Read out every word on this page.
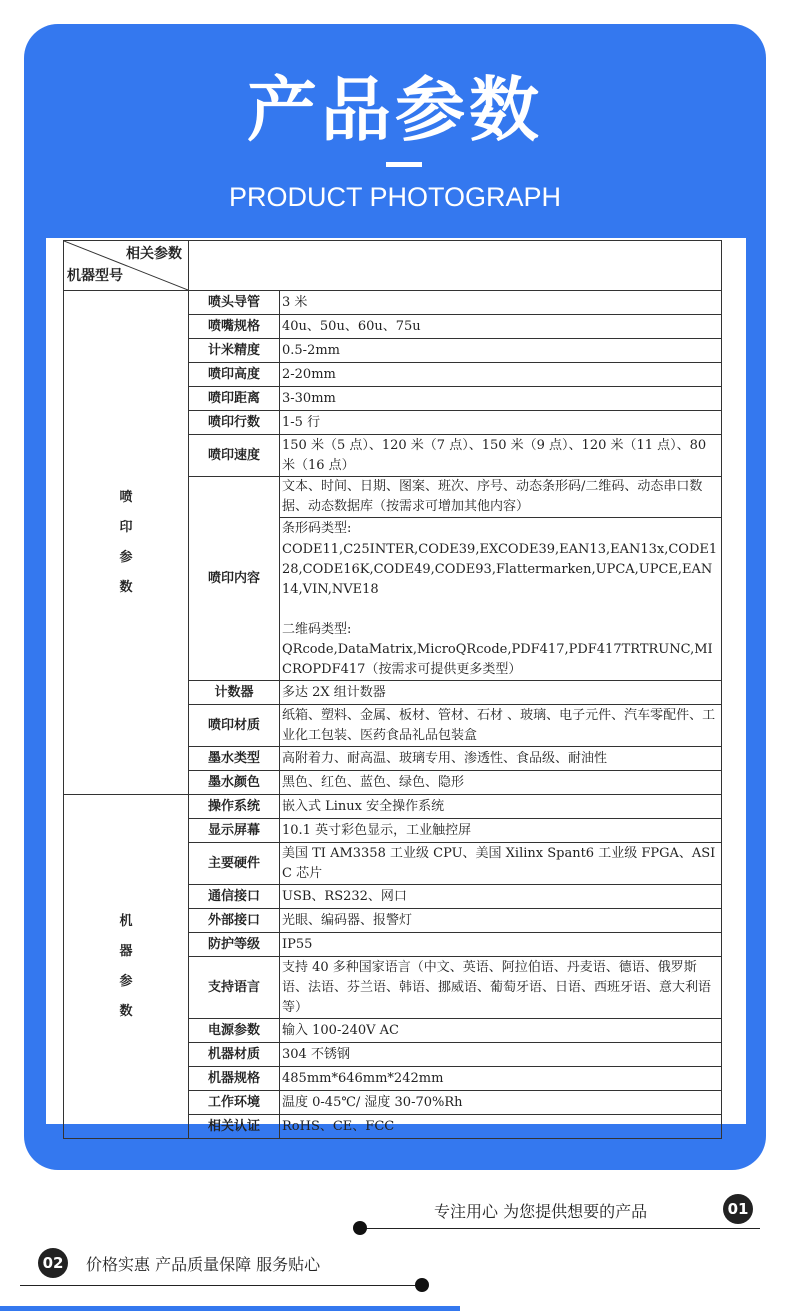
产品参数
PRODUCT PHOTOGRAPH
相关参数
机器型号		

喷
印
参
数	喷头导管	3 米
	喷嘴规格	40u、50u、60u、75u
	计米精度	0.5-2mm
	喷印高度	2-20mm
	喷印距离	3-30mm
	喷印行数	1-5 行
	喷印速度	150 米（5 点）、120 米（7 点）、150 米（9 点）、120 米（11 点）、80 米（16 点）
	喷印内容	文本、时间、日期、图案、班次、序号、动态条形码/二维码、动态串口数据、动态数据库（按需求可增加其他内容）
条形码类型:
CODE11,C25INTER,CODE39,EXCODE39,EAN13,EAN13x,CODE128,CODE16K,CODE49,CODE93,Flattermarken,UPCA,UPCE,EAN14,VIN,NVE18
二维码类型:
QRcode,DataMatrix,MicroQRcode,PDF417,PDF417TRTRUNC,MICROPDF417（按需求可提供更多类型）

	计数器	多达 2X 组计数器
	喷印材质	纸箱、塑料、金属、板材、管材、石材 、玻璃、电子元件、汽车零配件、工业化工包装、医药食品礼品包装盒
	墨水类型	高附着力、耐高温、玻璃专用、渗透性、食品级、耐油性
	墨水颜色	黑色、红色、蓝色、绿色、隐形

机
器
参
数	操作系统	嵌入式 Linux 安全操作系统
	显示屏幕	10.1 英寸彩色显示，工业触控屏
	主要硬件	美国 TI AM3358 工业级 CPU、美国 Xilinx Spant6 工业级 FPGA、ASIC 芯片
	通信接口	USB、RS232、网口
	外部接口	光眼、编码器、报警灯
	防护等级	IP55
	支持语言	支持 40 多种国家语言（中文、英语、阿拉伯语、丹麦语、德语、俄罗斯语、法语、芬兰语、韩语、挪威语、葡萄牙语、日语、西班牙语、意大利语等）
	电源参数	输入 100-240V AC
	机器材质	304 不锈钢
	机器规格	485mm*646mm*242mm
	工作环境	温度 0-45℃/ 湿度 30-70%Rh
	相关认证	RoHS、CE、FCC
专注用心 为您提供想要的产品	01
02 价格实惠 产品质量保障 服务贴心
